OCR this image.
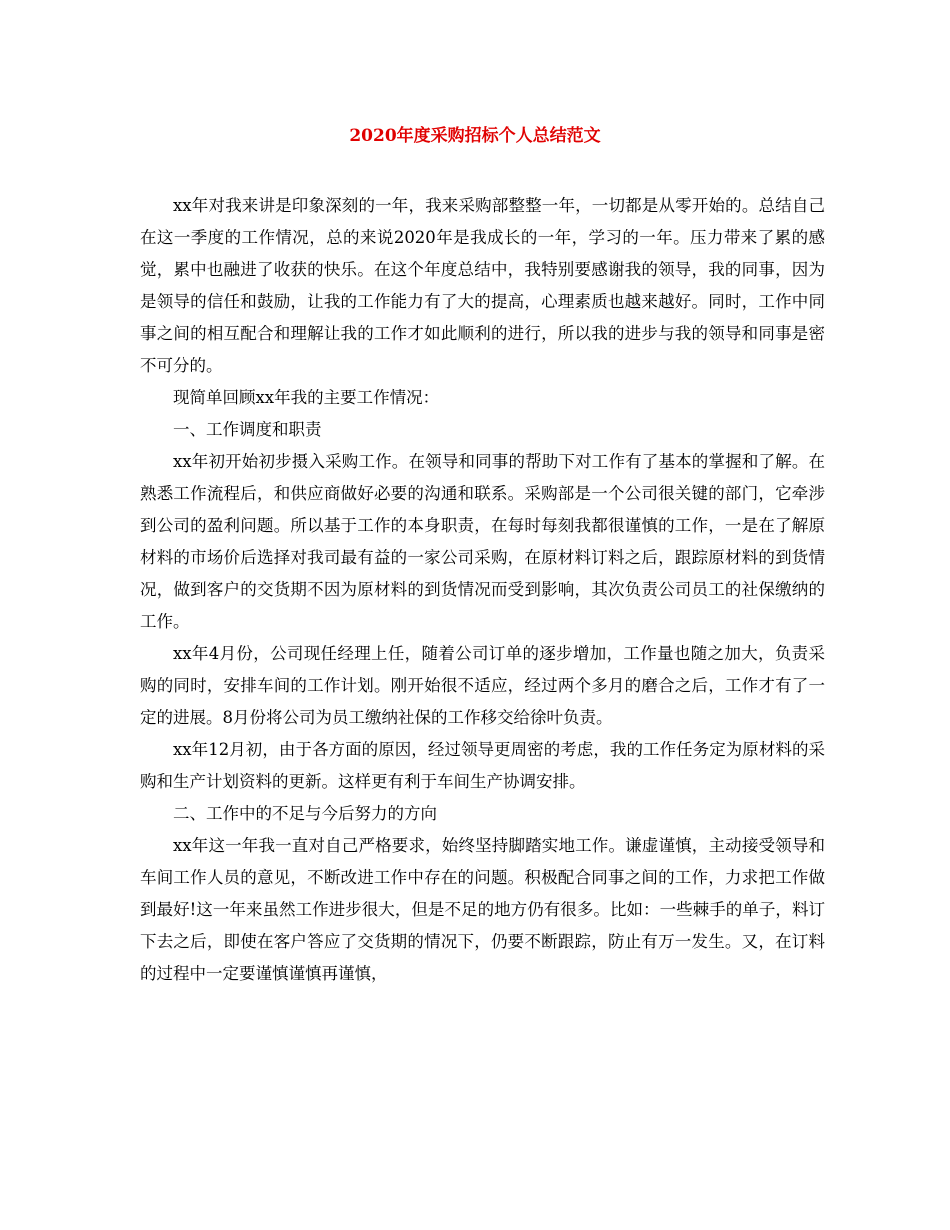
2020年度采购招标个人总结范文

xx年对我来讲是印象深刻的一年，我来采购部整整一年，一切都是从零开始的。总结自己在这一季度的工作情况，总的来说2020年是我成长的一年，学习的一年。压力带来了累的感觉，累中也融进了收获的快乐。在这个年度总结中，我特别要感谢我的领导，我的同事，因为是领导的信任和鼓励，让我的工作能力有了大的提高，心理素质也越来越好。同时，工作中同事之间的相互配合和理解让我的工作才如此顺利的进行，所以我的进步与我的领导和同事是密不可分的。

现简单回顾xx年我的主要工作情况：

一、工作调度和职责

xx年初开始初步摄入采购工作。在领导和同事的帮助下对工作有了基本的掌握和了解。在熟悉工作流程后，和供应商做好必要的沟通和联系。采购部是一个公司很关键的部门，它牵涉到公司的盈利问题。所以基于工作的本身职责，在每时每刻我都很谨慎的工作，一是在了解原材料的市场价后选择对我司最有益的一家公司采购，在原材料订料之后，跟踪原材料的到货情况，做到客户的交货期不因为原材料的到货情况而受到影响，其次负责公司员工的社保缴纳的工作。

xx年4月份，公司现任经理上任，随着公司订单的逐步增加，工作量也随之加大，负责采购的同时，安排车间的工作计划。刚开始很不适应，经过两个多月的磨合之后，工作才有了一定的进展。8月份将公司为员工缴纳社保的工作移交给徐叶负责。

xx年12月初，由于各方面的原因，经过领导更周密的考虑，我的工作任务定为原材料的采购和生产计划资料的更新。这样更有利于车间生产协调安排。

二、工作中的不足与今后努力的方向

xx年这一年我一直对自己严格要求，始终坚持脚踏实地工作。谦虚谨慎，主动接受领导和车间工作人员的意见，不断改进工作中存在的问题。积极配合同事之间的工作，力求把工作做到最好!这一年来虽然工作进步很大，但是不足的地方仍有很多。比如：一些棘手的单子，料订下去之后，即使在客户答应了交货期的情况下，仍要不断跟踪，防止有万一发生。又，在订料的过程中一定要谨慎谨慎再谨慎，
